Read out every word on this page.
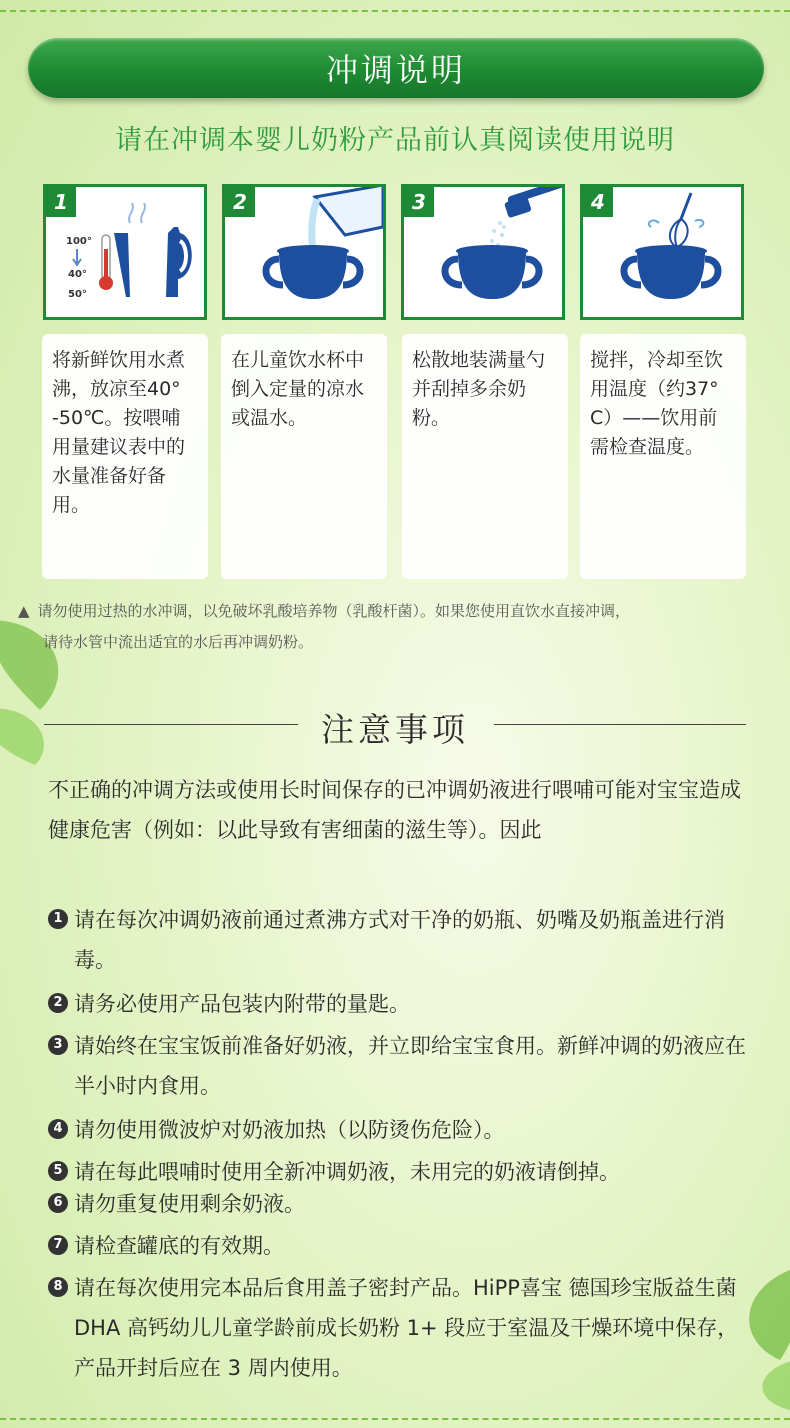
冲调说明
请在冲调本婴儿奶粉产品前认真阅读使用说明
1
100°
40°
50°
2	3	4
将新鲜饮用水煮沸，放凉至40° -50℃。按喂哺用量建议表中的水量准备好备用。
在儿童饮水杯中倒入定量的凉水或温水。
松散地装满量勺并刮掉多余奶粉。
搅拌，冷却至饮用温度（约37° C）——饮用前需检查温度。
▲ 请勿使用过热的水冲调，以免破坏乳酸培养物（乳酸杆菌）。如果您使用直饮水直接冲调，
请待水管中流出适宜的水后再冲调奶粉。
注意事项
不正确的冲调方法或使用长时间保存的已冲调奶液进行喂哺可能对宝宝造成健康危害（例如：以此导致有害细菌的滋生等）。因此
1 请在每次冲调奶液前通过煮沸方式对干净的奶瓶、奶嘴及奶瓶盖进行消毒。
2 请务必使用产品包装内附带的量匙。
3 请始终在宝宝饭前准备好奶液，并立即给宝宝食用。新鲜冲调的奶液应在半小时内食用。
4 请勿使用微波炉对奶液加热（以防烫伤危险）。
5 请在每此喂哺时使用全新冲调奶液，未用完的奶液请倒掉。
6 请勿重复使用剩余奶液。
7 请检查罐底的有效期。
8 请在每次使用完本品后食用盖子密封产品。HiPP喜宝 德国珍宝版益生菌 DHA 高钙幼儿儿童学龄前成长奶粉 1+ 段应于室温及干燥环境中保存，产品开封后应在 3 周内使用。
